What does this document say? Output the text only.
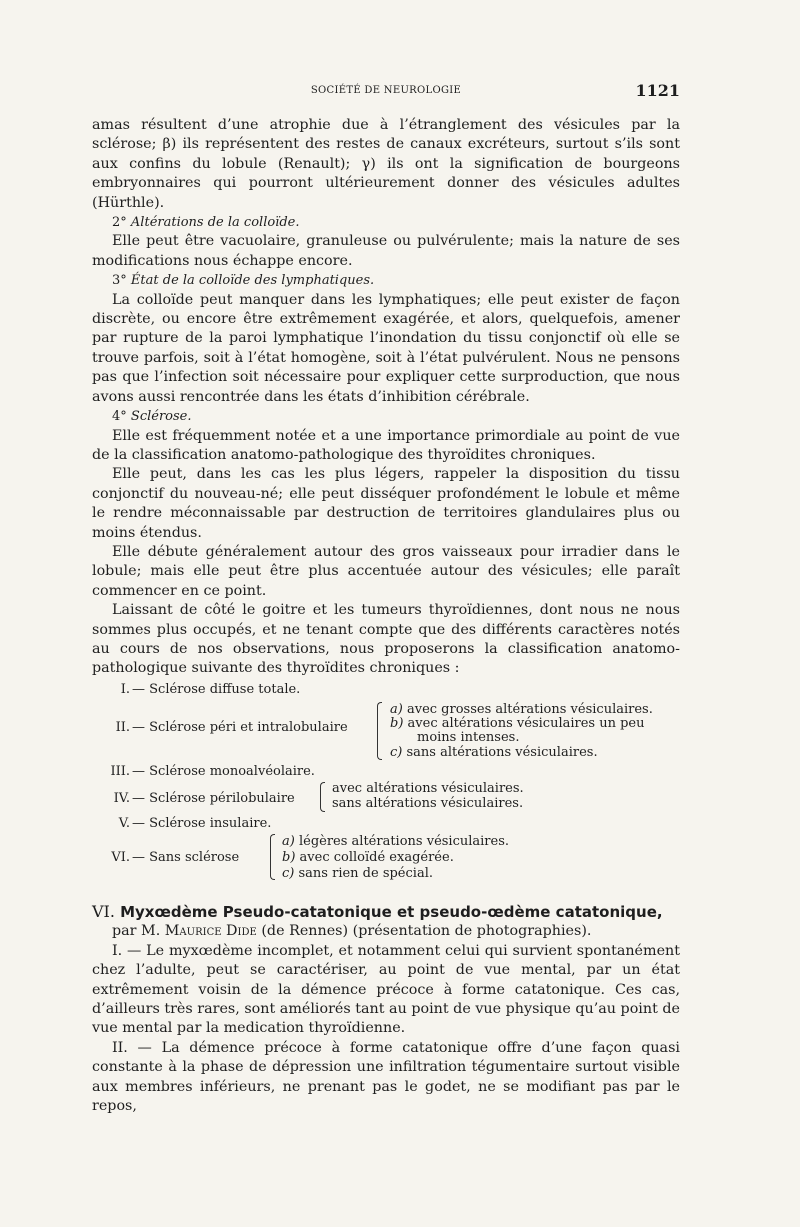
SOCIÉTÉ DE NEUROLOGIE	1121

amas résultent d’une atrophie due à l’étranglement des vésicules par la sclérose; β) ils représentent des restes de canaux excréteurs, surtout s’ils sont aux confins du lobule (Renault); γ) ils ont la signification de bourgeons embryonnaires qui pourront ultérieurement donner des vésicules adultes (Hürthle).

2° Altérations de la colloïde.

Elle peut être vacuolaire, granuleuse ou pulvérulente; mais la nature de ses modifications nous échappe encore.

3° État de la colloïde des lymphatiques.

La colloïde peut manquer dans les lymphatiques; elle peut exister de façon discrète, ou encore être extrêmement exagérée, et alors, quelquefois, amener par rupture de la paroi lymphatique l’inondation du tissu conjonctif où elle se trouve parfois, soit à l’état homogène, soit à l’état pulvérulent. Nous ne pensons pas que l’infection soit nécessaire pour expliquer cette surproduction, que nous avons aussi rencontrée dans les états d’inhibition cérébrale.

4° Sclérose.

Elle est fréquemment notée et a une importance primordiale au point de vue de la classification anatomo-pathologique des thyroïdites chroniques.

Elle peut, dans les cas les plus légers, rappeler la disposition du tissu conjonctif du nouveau-né; elle peut disséquer profondément le lobule et même le rendre méconnaissable par destruction de territoires glandulaires plus ou moins étendus.

Elle débute généralement autour des gros vaisseaux pour irradier dans le lobule; mais elle peut être plus accentuée autour des vésicules; elle paraît commencer en ce point.

Laissant de côté le goitre et les tumeurs thyroïdiennes, dont nous ne nous sommes plus occupés, et ne tenant compte que des différents caractères notés au cours de nos observations, nous proposerons la classification anatomo-pathologique suivante des thyroïdites chroniques :

I. — Sclérose diffuse totale.
II. — Sclérose péri et intralobulaire
a) avec grosses altérations vésiculaires.
b) avec altérations vésiculaires un peu
moins intenses.
c) sans altérations vésiculaires.
III. — Sclérose monoalvéolaire.
IV. — Sclérose périlobulaire
avec altérations vésiculaires.
sans altérations vésiculaires.
V. — Sclérose insulaire.
VI. — Sans sclérose
a) légères altérations vésiculaires.
b) avec colloïdé exagérée.
c) sans rien de spécial.

VI. Myxœdème Pseudo-catatonique et pseudo-œdème catatonique,

par M. Maurice Dide (de Rennes) (présentation de photographies).

I. — Le myxœdème incomplet, et notamment celui qui survient spontanément chez l’adulte, peut se caractériser, au point de vue mental, par un état extrêmement voisin de la démence précoce à forme catatonique. Ces cas, d’ailleurs très rares, sont améliorés tant au point de vue physique qu’au point de vue mental par la medication thyroïdienne.

II. — La démence précoce à forme catatonique offre d’une façon quasi constante à la phase de dépression une infiltration tégumentaire surtout visible aux membres inférieurs, ne prenant pas le godet, ne se modifiant pas par le repos,
